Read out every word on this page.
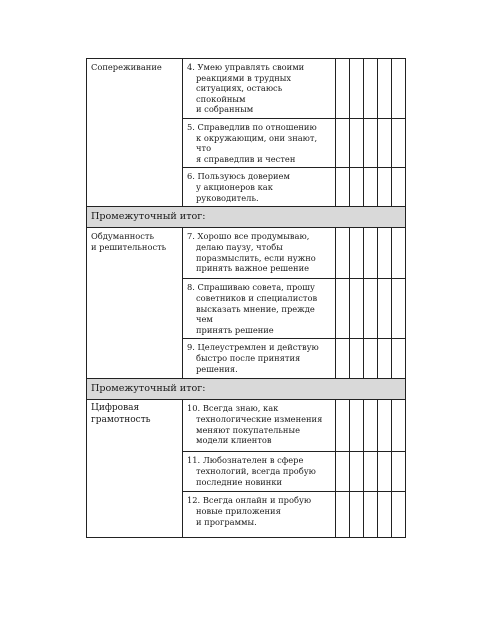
Сопереживание	4. Умею управлять своими
реакциями в трудных
ситуациях, остаюсь спокойным
и собранным					

	5. Справедлив по отношению
к окружающим, они знают, что
я справедлив и честен					

	6. Пользуюсь доверием
у акционеров как
руководитель.					

Промежуточный итог:						
Обдуманность
и решительность	7. Хорошо все продумываю,
делаю паузу, чтобы
поразмыслить, если нужно
принять важное решение					

	8. Спрашиваю совета, прошу
советников и специалистов
высказать мнение, прежде чем
принять решение					

	9. Целеустремлен и действую
быстро после принятия
решения.					

Промежуточный итог:						
Цифровая
грамотность	10. Всегда знаю, как
технологические изменения
меняют покупательные
модели клиентов					

	11. Любознателен в сфере
технологий, всегда пробую
последние новинки					

	12. Всегда онлайн и пробую
новые приложения
и программы.					
